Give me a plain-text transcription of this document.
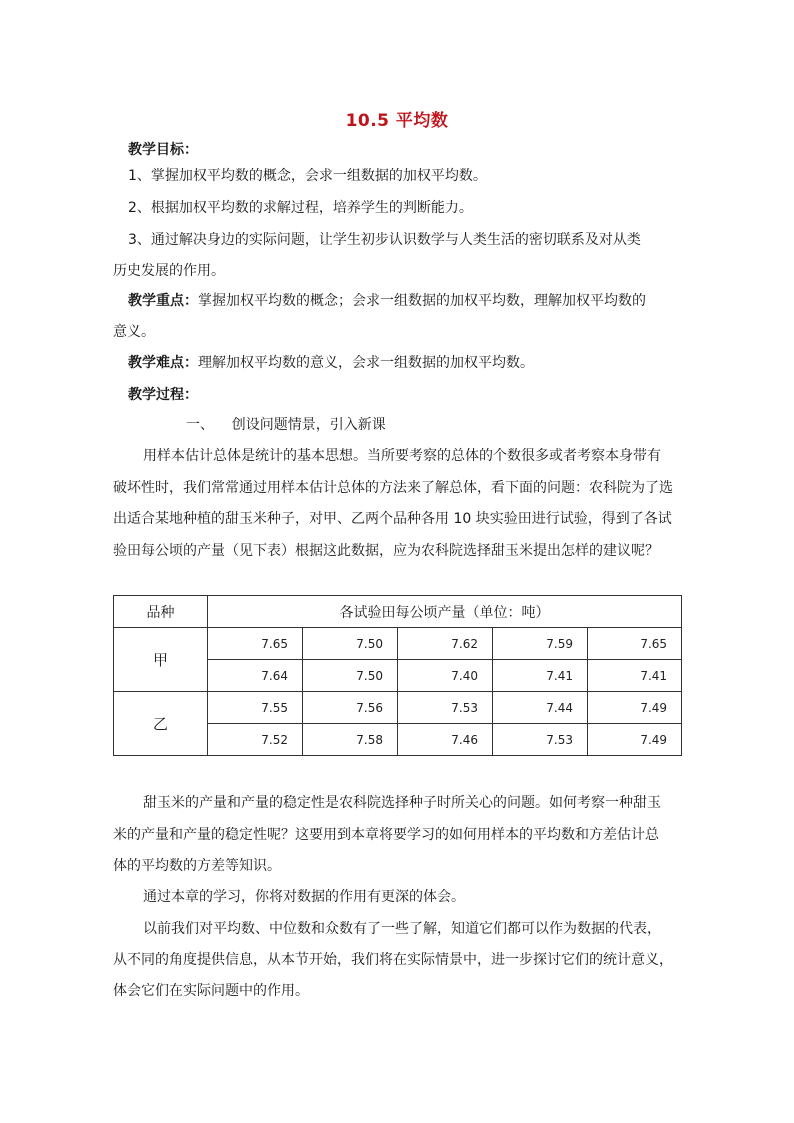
10.5 平均数
教学目标：
1、掌握加权平均数的概念，会求一组数据的加权平均数。
2、根据加权平均数的求解过程，培养学生的判断能力。
3、通过解决身边的实际问题，让学生初步认识数学与人类生活的密切联系及对从类
历史发展的作用。
教学重点：掌握加权平均数的概念；会求一组数据的加权平均数，理解加权平均数的
意义。
教学难点：理解加权平均数的意义，会求一组数据的加权平均数。
教学过程：
一、    创设问题情景，引入新课
用样本估计总体是统计的基本思想。当所要考察的总体的个数很多或者考察本身带有
破坏性时，我们常常通过用样本估计总体的方法来了解总体，看下面的问题：农科院为了选
出适合某地种植的甜玉米种子，对甲、乙两个品种各用 10 块实验田进行试验，得到了各试
验田每公顷的产量（见下表）根据这此数据，应为农科院选择甜玉米提出怎样的建议呢？
品种	各试验田每公顷产量（单位：吨）				
甲	7.65	7.50	7.62	7.59	7.65
	7.64	7.50	7.40	7.41	7.41
乙	7.55	7.56	7.53	7.44	7.49
	7.52	7.58	7.46	7.53	7.49
甜玉米的产量和产量的稳定性是农科院选择种子时所关心的问题。如何考察一种甜玉
米的产量和产量的稳定性呢？这要用到本章将要学习的如何用样本的平均数和方差估计总
体的平均数的方差等知识。
通过本章的学习，你将对数据的作用有更深的体会。
以前我们对平均数、中位数和众数有了一些了解，知道它们都可以作为数据的代表，
从不同的角度提供信息，从本节开始，我们将在实际情景中，进一步探讨它们的统计意义，
体会它们在实际问题中的作用。
